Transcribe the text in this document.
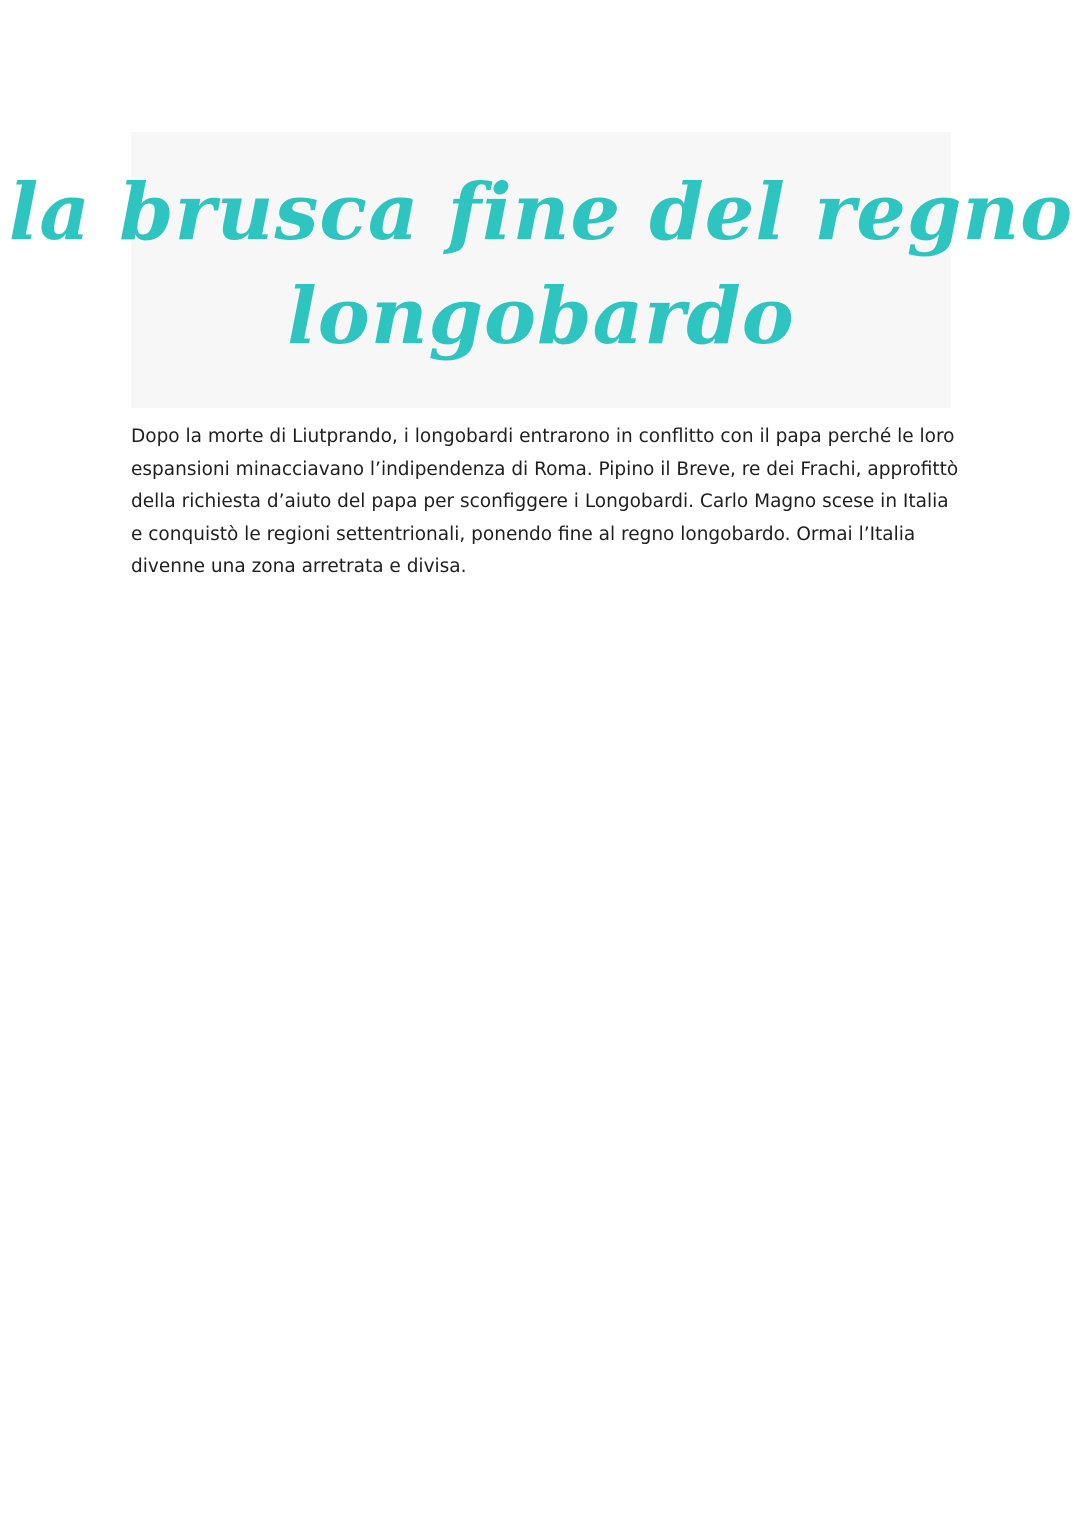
la brusca fine del regno
longobardo

Dopo la morte di Liutprando, i longobardi entrarono in conflitto con il papa perché le loro espansioni minacciavano l’indipendenza di Roma. Pipino il Breve, re dei Frachi, approfittò della richiesta d’aiuto del papa per sconfiggere i Longobardi. Carlo Magno scese in Italia e conquistò le regioni settentrionali, ponendo fine al regno longobardo. Ormai l’Italia divenne una zona arretrata e divisa.
